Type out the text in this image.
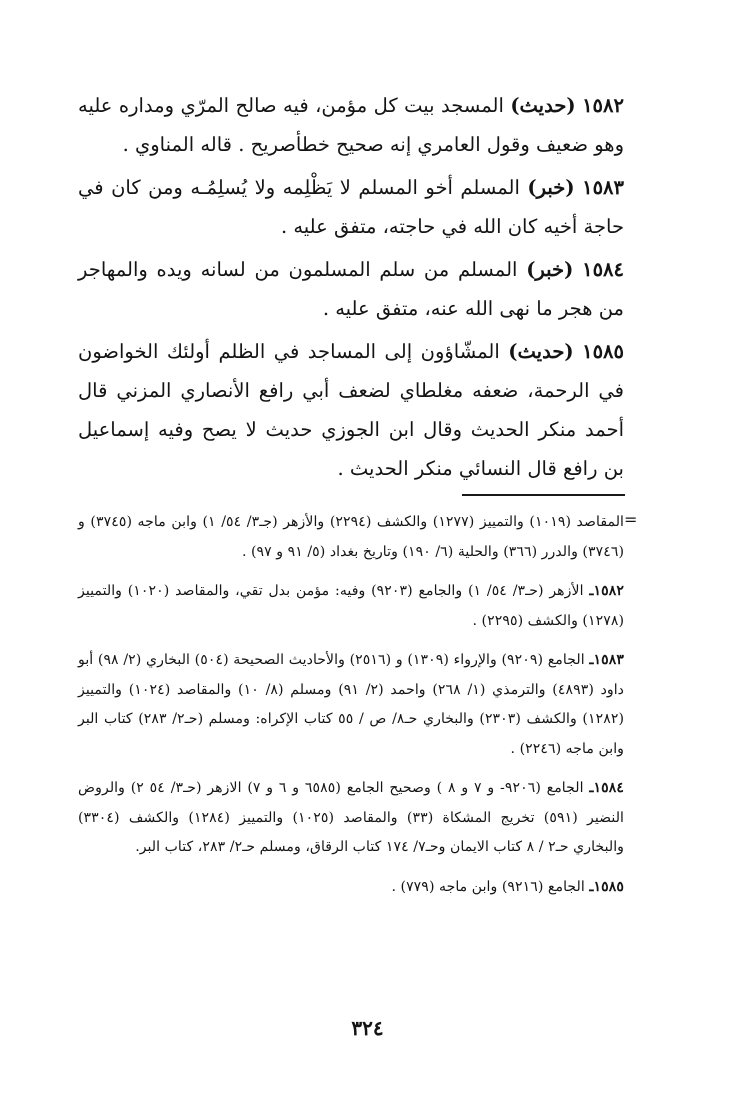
١٥٨٢ (حديث) المسجد بيت كل مؤمن، فيه صالح المرّي ومداره عليه وهو ضعيف وقول العامري إنه صحيح خطأصريح . قاله المناوي .

١٥٨٣ (خبر) المسلم أخو المسلم لا يَظْلِمه ولا يُسلِمُـه ومن كان في حاجة أخيه كان الله في حاجته، متفق عليه .

١٥٨٤ (خبر) المسلم من سلم المسلمون من لسانه ويده والمهاجر من هجر ما نهى الله عنه، متفق عليه .

١٥٨٥ (حديث) المشّاؤون إلى المساجد في الظلم أولئك الخواضون في الرحمة، ضعفه مغلطاي لضعف أبي رافع الأنصاري المزني قال أحمد منكر الحديث وقال ابن الجوزي حديث لا يصح وفيه إسماعيل بن رافع قال النسائي منكر الحديث .

=

المقاصد (١٠١٩) والتمييز (١٢٧٧) والكشف (٢٢٩٤) والأزهر (جـ٣/ ٥٤/ ١) وابن ماجه (٣٧٤٥) و (٣٧٤٦) والدرر (٣٦٦) والحلية (٦/ ١٩٠) وتاريخ بغداد (٥/ ٩١ و ٩٧) .

١٥٨٢ـ الأزهر (حـ٣/ ٥٤/ ١) والجامع (٩٢٠٣) وفيه: مؤمن بدل تقي، والمقاصد (١٠٢٠) والتمييز (١٢٧٨) والكشف (٢٢٩٥) .

١٥٨٣ـ الجامع (٩٢٠٩) والإرواء (١٣٠٩) و (٢٥١٦) والأحاديث الصحيحة (٥٠٤) البخاري (٢/ ٩٨) أبو داود (٤٨٩٣) والترمذي (١/ ٢٦٨) واحمد (٢/ ٩١) ومسلم (٨/ ١٠) والمقاصد (١٠٢٤) والتمييز (١٢٨٢) والكشف (٢٣٠٣) والبخاري حـ٨/ ص / ٥٥ كتاب الإكراه: ومسلم (حـ٢/ ٢٨٣) كتاب البر وابن ماجه (٢٢٤٦) .

١٥٨٤ـ الجامع (٩٢٠٦- و ٧ و ٨ ) وصحيح الجامع (٦٥٨٥ و ٦ و ٧) الازهر (حـ٣/ ٥٤ ٢) والروض النضير (٥٩١) تخريج المشكاة (٣٣) والمقاصد (١٠٢٥) والتمييز (١٢٨٤) والكشف (٣٣٠٤) والبخاري حـ٢ / ٨ كتاب الايمان وحـ٧/ ١٧٤ كتاب الرقاق، ومسلم حـ٢/ ٢٨٣، كتاب البر.

١٥٨٥ـ الجامع (٩٢١٦) وابن ماجه (٧٧٩) .

٣٢٤
